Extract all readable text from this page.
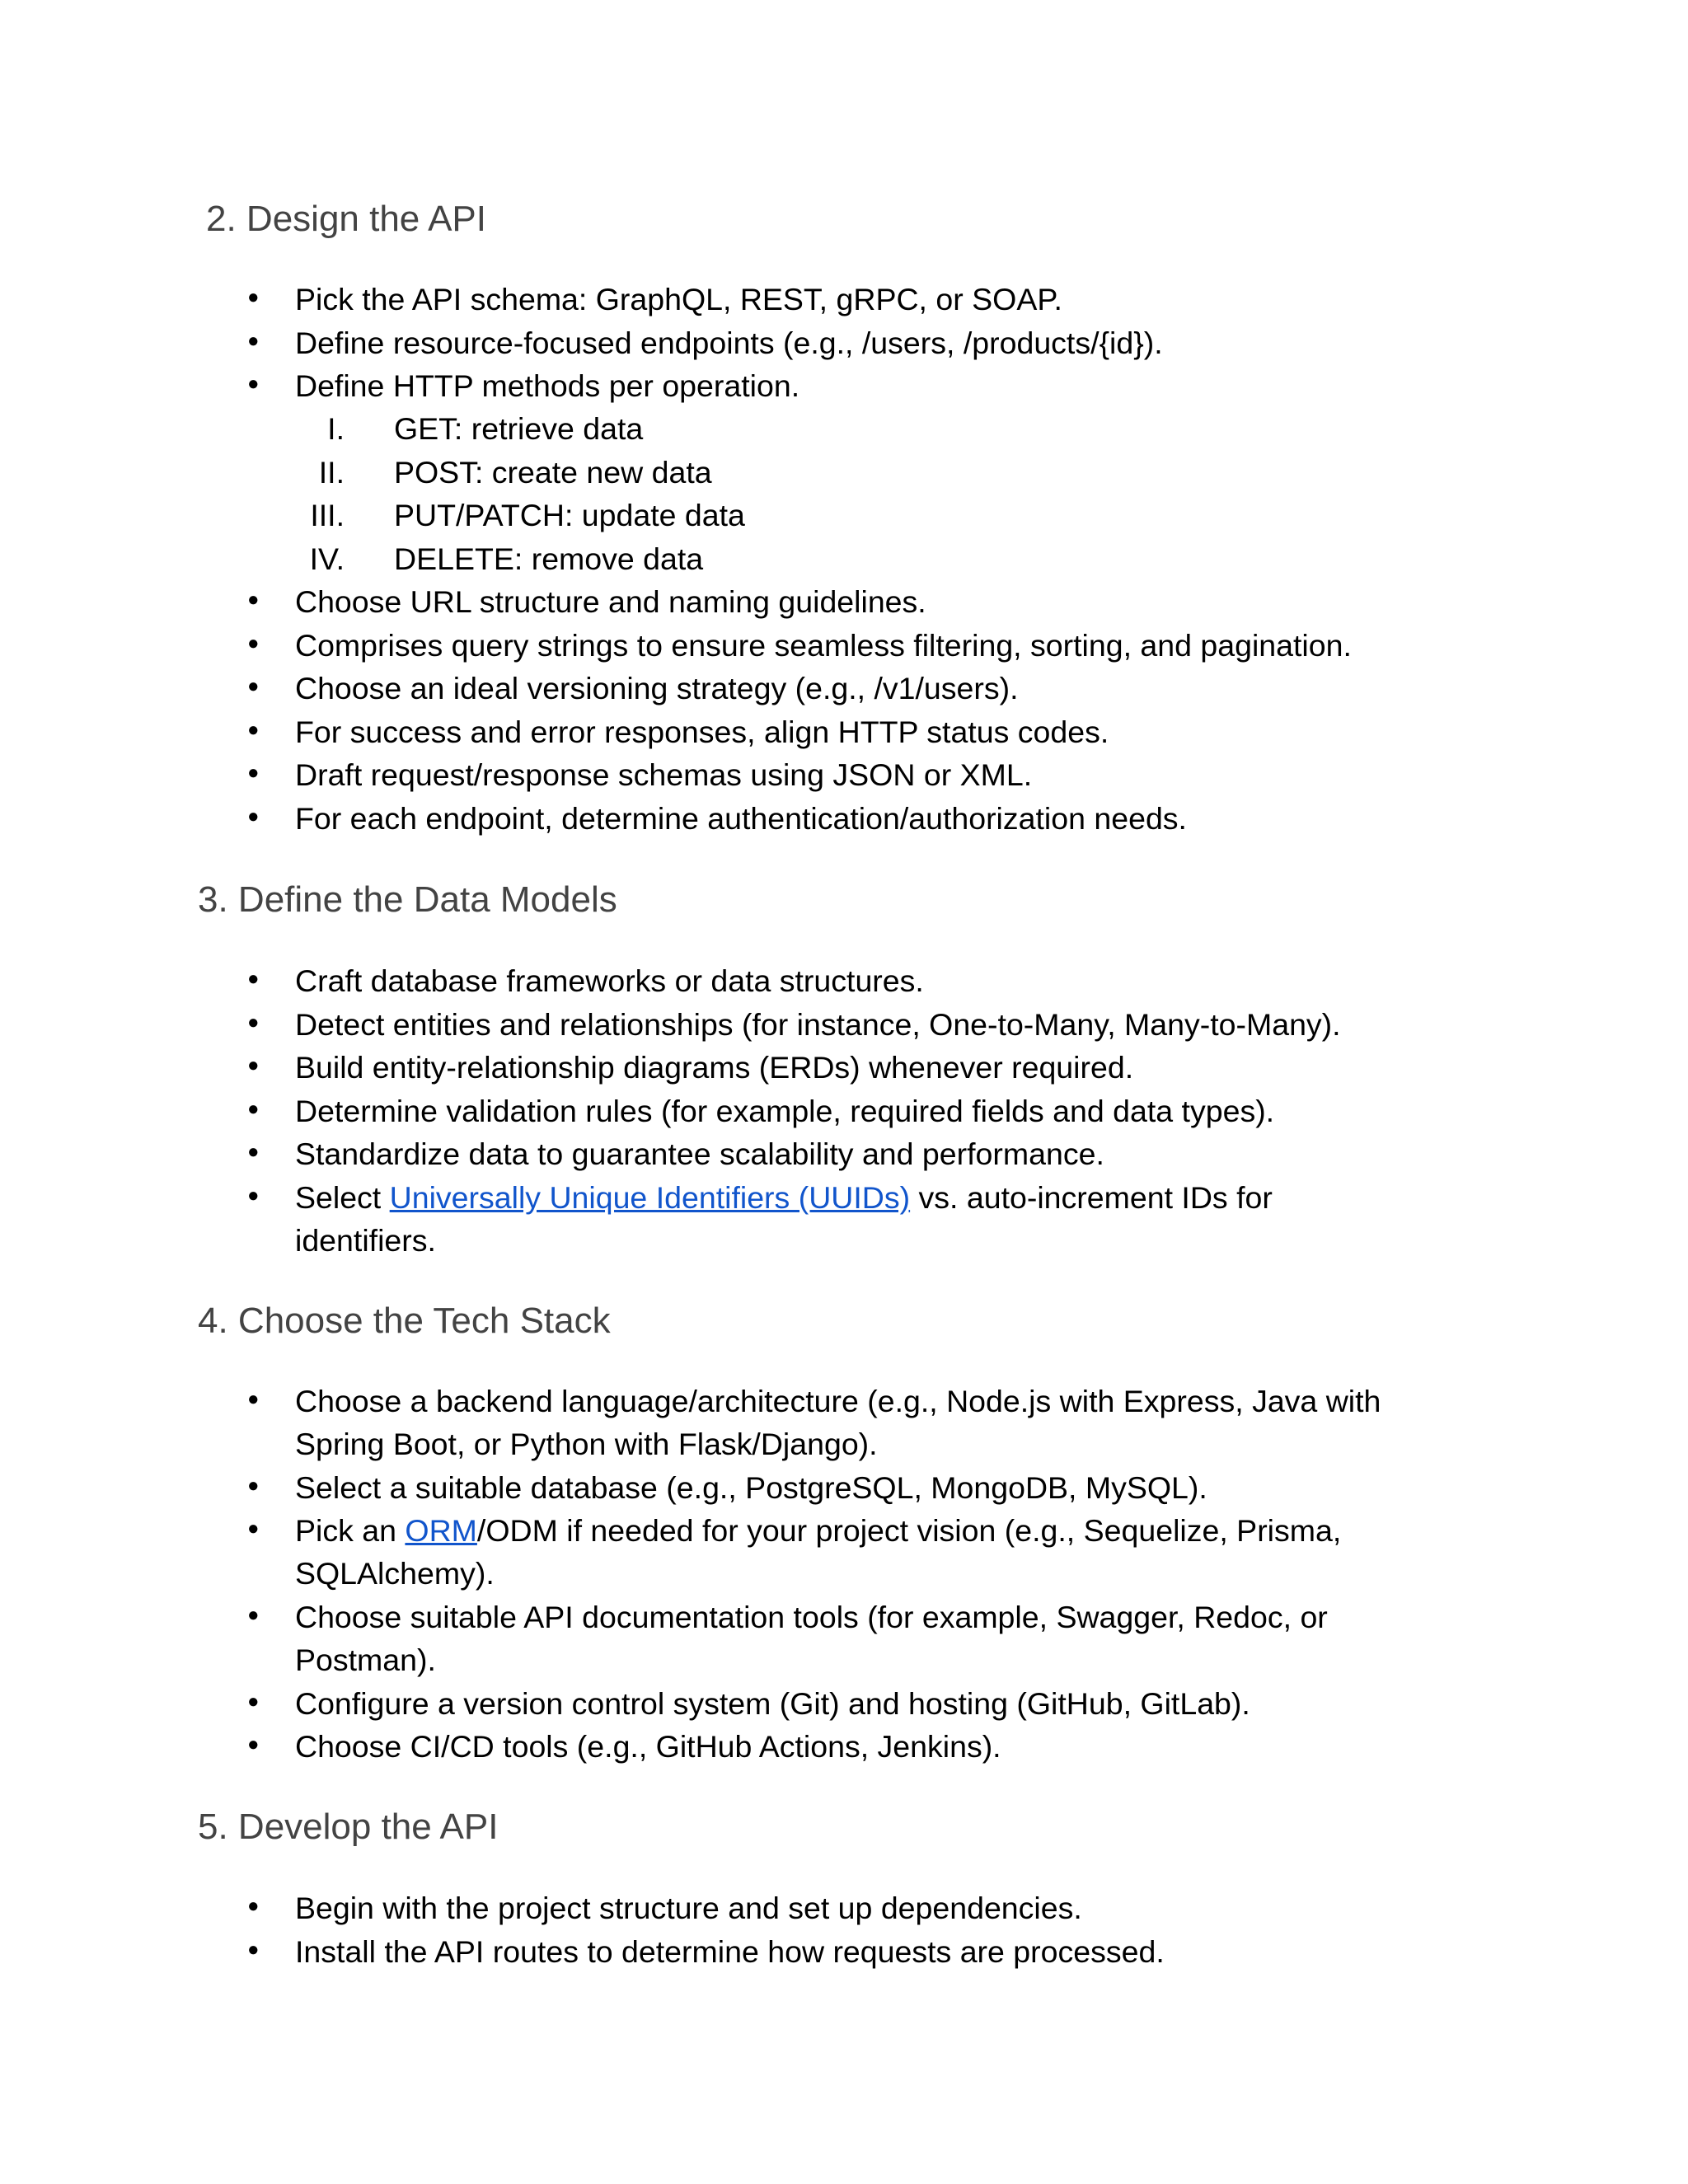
2. Design the API
● Pick the API schema: GraphQL, REST, gRPC, or SOAP.
● Define resource-focused endpoints (e.g., /users, /products/{id}).
● Define HTTP methods per operation.
I. GET: retrieve data
II. POST: create new data
III. PUT/PATCH: update data
IV. DELETE: remove data
● Choose URL structure and naming guidelines.
● Comprises query strings to ensure seamless filtering, sorting, and pagination.
● Choose an ideal versioning strategy (e.g., /v1/users).
● For success and error responses, align HTTP status codes.
● Draft request/response schemas using JSON or XML.
● For each endpoint, determine authentication/authorization needs.
3. Define the Data Models
● Craft database frameworks or data structures.
● Detect entities and relationships (for instance, One-to-Many, Many-to-Many).
● Build entity-relationship diagrams (ERDs) whenever required.
● Determine validation rules (for example, required fields and data types).
● Standardize data to guarantee scalability and performance.
● Select Universally Unique Identifiers (UUIDs) vs. auto-increment IDs for
identifiers.
4. Choose the Tech Stack
● Choose a backend language/architecture (e.g., Node.js with Express, Java with
Spring Boot, or Python with Flask/Django).
● Select a suitable database (e.g., PostgreSQL, MongoDB, MySQL).
● Pick an ORM/ODM if needed for your project vision (e.g., Sequelize, Prisma,
SQLAlchemy).
● Choose suitable API documentation tools (for example, Swagger, Redoc, or
Postman).
● Configure a version control system (Git) and hosting (GitHub, GitLab).
● Choose CI/CD tools (e.g., GitHub Actions, Jenkins).
5. Develop the API
● Begin with the project structure and set up dependencies.
● Install the API routes to determine how requests are processed.
